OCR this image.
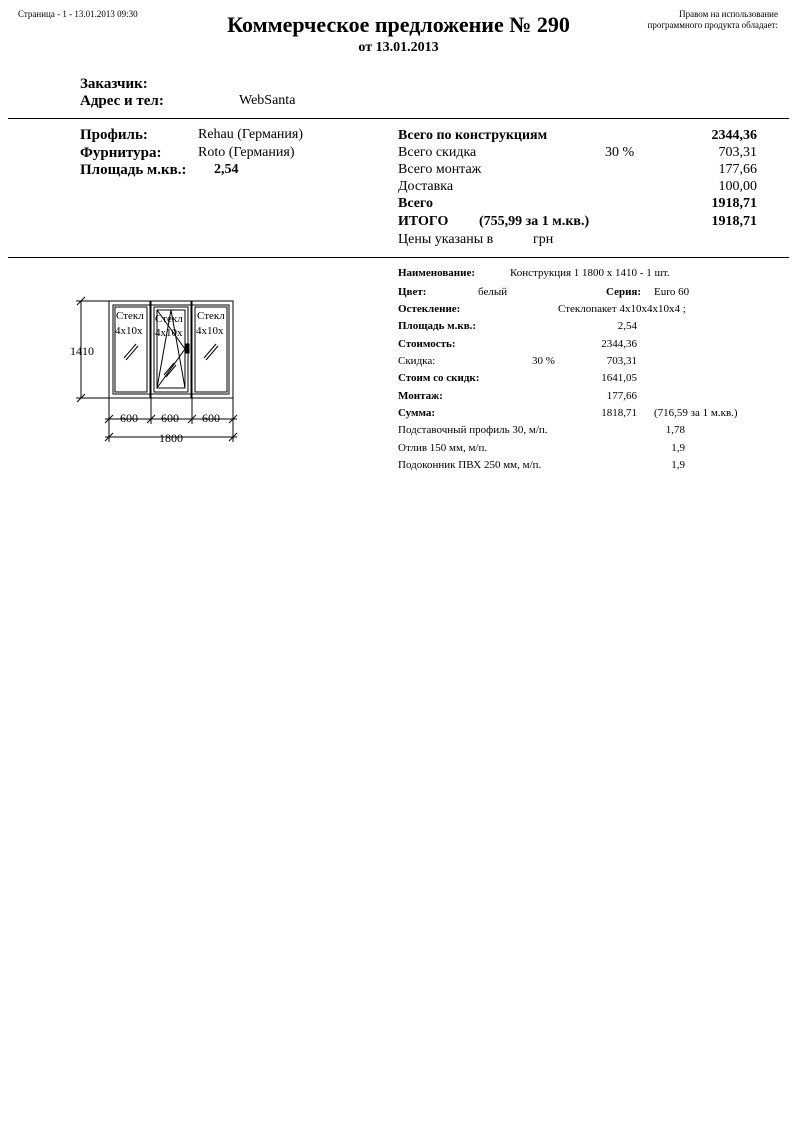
Страница - 1 - 13.01.2013 09:30	Коммерческое предложение № 290
от 13.01.2013
Правом на использование
программного продукта обладает:
Заказчик:
Адрес и тел:	WebSanta
Профиль:	Rehau (Германия)
Фурнитура:	Roto (Германия)
Площадь м.кв.: 2,54
Всего по конструкциям	2344,36
Всего скидка	30 %	703,31
Всего монтаж	177,66
Доставка	100,00
Всего	1918,71
ИТОГО (755,99 за 1 м.кв.)	1918,71
Цены указаны в	грн
Наименование:	Конструкция 1 1800 x 1410 - 1 шт.
Цвет:	белый	Серия: Euro 60
Остекление:	Стеклопакет 4x10x4x10x4 ;
Площадь м.кв.:	2,54
Стоимость:	2344,36
Скидка:	30 %	703,31
Стоим со скидк:	1641,05
Монтаж:	177,66
Сумма:	1818,71 (716,59 за 1 м.кв.)
Подставочный профиль 30, м/п.	1,78
Отлив 150 мм, м/п.	1,9
Подоконник ПВХ 250 мм, м/п.	1,9
Стекл
4x10x
Стекл
4x10x
Стекл
4x10x
1410
600 600 600
1800
